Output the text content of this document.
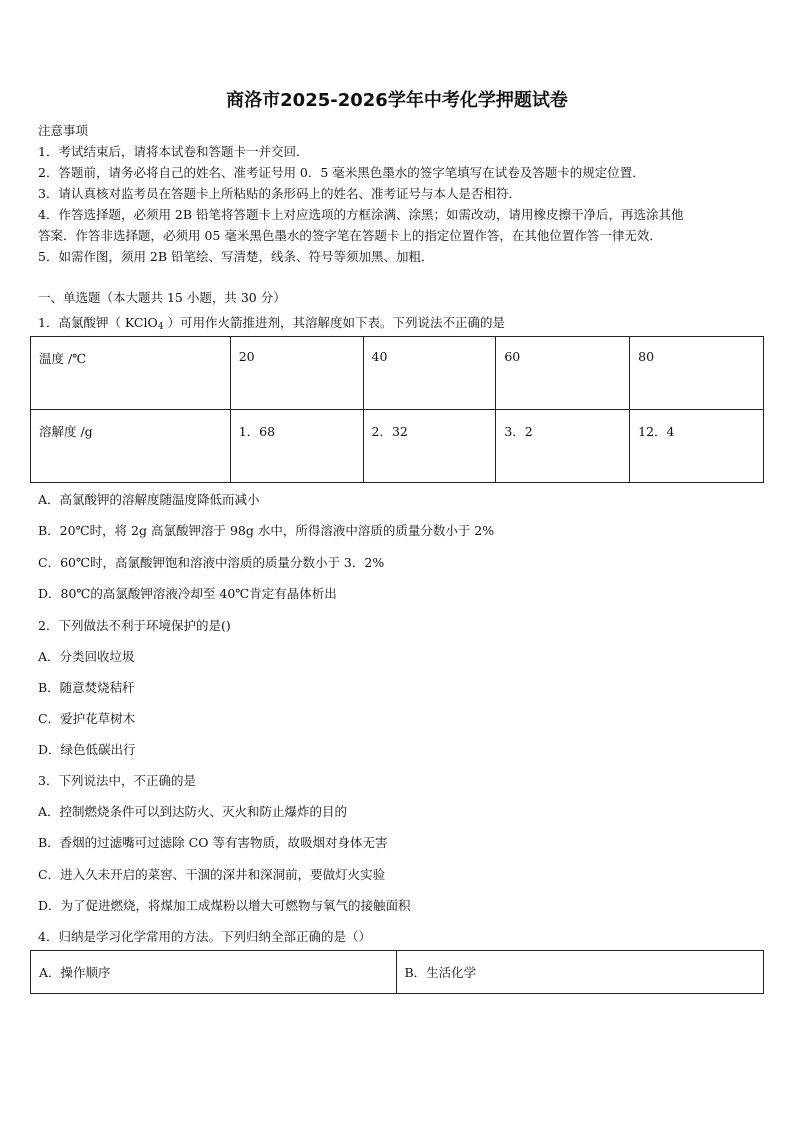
商洛市2025-2026学年中考化学押题试卷
注意事项
1．考试结束后，请将本试卷和答题卡一并交回．
2．答题前，请务必将自己的姓名、准考证号用 0．5 毫米黑色墨水的签字笔填写在试卷及答题卡的规定位置．
3．请认真核对监考员在答题卡上所粘贴的条形码上的姓名、准考证号与本人是否相符．
4．作答选择题，必须用 2B 铅笔将答题卡上对应选项的方框涂满、涂黑；如需改动，请用橡皮擦干净后，再选涂其他
答案．作答非选择题，必须用 05 毫米黑色墨水的签字笔在答题卡上的指定位置作答，在其他位置作答一律无效．
5．如需作图，须用 2B 铅笔绘、写清楚，线条、符号等须加黑、加粗．
一、单选题（本大题共 15 小题，共 30 分）
1．高氯酸钾（ KClO$_4$ ）可用作火箭推进剂，其溶解度如下表。下列说法不正确的是
温度 /℃	20	40	60	80
溶解度 /g	1．68	2．32	3．2	12．4
A．高氯酸钾的溶解度随温度降低而减小
B．20℃时，将 2g 高氯酸钾溶于 98g 水中，所得溶液中溶质的质量分数小于 2%
C．60℃时，高氯酸钾饱和溶液中溶质的质量分数小于 3．2%
D．80℃的高氯酸钾溶液冷却至 40℃肯定有晶体析出
2．下列做法不利于环境保护的是()
A．分类回收垃圾
B．随意焚烧秸秆
C．爱护花草树木
D．绿色低碳出行
3．下列说法中，不正确的是
A．控制燃烧条件可以到达防火、灭火和防止爆炸的目的
B．香烟的过滤嘴可过滤除 CO 等有害物质，故吸烟对身体无害
C．进入久未开启的菜窖、干涸的深井和深洞前，要做灯火实验
D．为了促进燃烧，将煤加工成煤粉以增大可燃物与氧气的接触面积
4．归纳是学习化学常用的方法。下列归纳全部正确的是（）
A．操作顺序	B．生活化学
